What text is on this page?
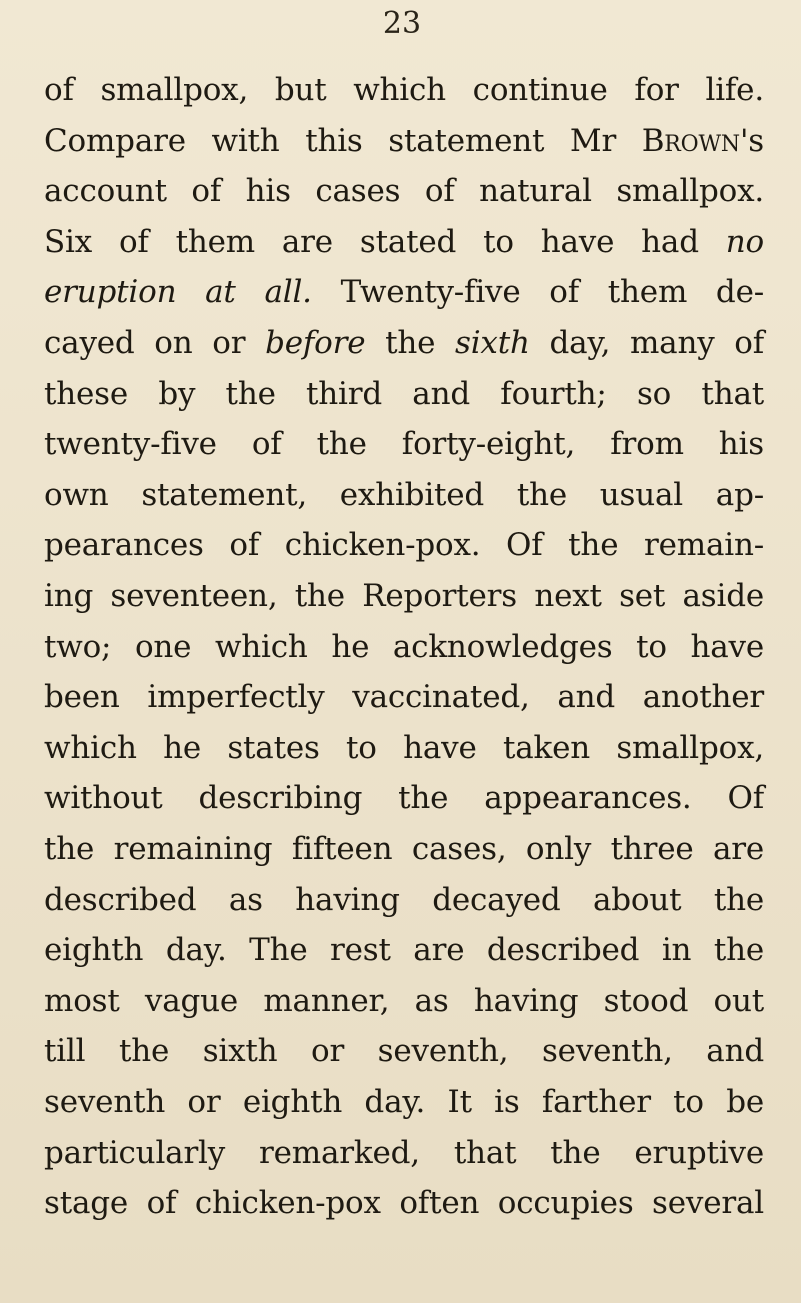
23
of smallpox, but which continue for life.
Compare with this statement Mr Brown's
account of his cases of natural smallpox.
Six of them are stated to have had no
eruption at all. Twenty-five of them de-
cayed on or before the sixth day, many of
these by the third and fourth; so that
twenty-five of the forty-eight, from his
own statement, exhibited the usual ap-
pearances of chicken-pox. Of the remain-
ing seventeen, the Reporters next set aside
two; one which he acknowledges to have
been imperfectly vaccinated, and another
which he states to have taken smallpox,
without describing the appearances. Of
the remaining fifteen cases, only three are
described as having decayed about the
eighth day. The rest are described in the
most vague manner, as having stood out
till the sixth or seventh, seventh, and
seventh or eighth day. It is farther to be
particularly remarked, that the eruptive
stage of chicken-pox often occupies several
